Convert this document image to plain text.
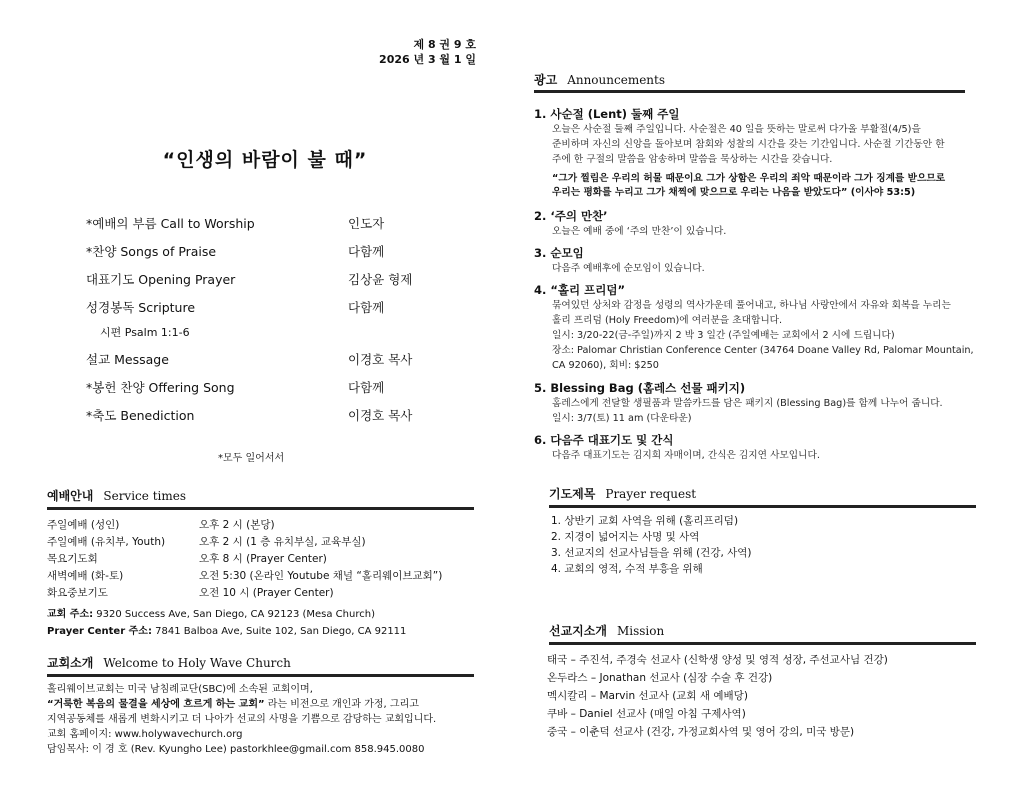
제 8 권 9 호
2026 년 3 월 1 일
“인생의 바람이 불 때”
*예배의 부름 Call to Worship	인도자
*찬양 Songs of Praise	다함께
대표기도 Opening Prayer	김상윤 형제
성경봉독 Scripture	다함께
시편 Psalm 1:1-6
설교 Message	이경호 목사
*봉헌 찬양 Offering Song	다함께
*축도 Benediction	이경호 목사
*모두 일어서서
예배안내 Service times
주일예배 (성인)	오후 2 시 (본당)
주일예배 (유치부, Youth)	오후 2 시 (1 층 유치부실, 교육부실)
목요기도회	오후 8 시 (Prayer Center)
새벽예배 (화-토)	오전 5:30 (온라인 Youtube 채널 “홀리웨이브교회”)
화요중보기도	오전 10 시 (Prayer Center)
교회 주소: 9320 Success Ave, San Diego, CA 92123 (Mesa Church)
Prayer Center 주소: 7841 Balboa Ave, Suite 102, San Diego, CA 92111
교회소개 Welcome to Holy Wave Church
홀리웨이브교회는 미국 남침례교단(SBC)에 소속된 교회이며,
“거룩한 복음의 물결을 세상에 흐르게 하는 교회” 라는 비전으로 개인과 가정, 그리고
지역공동체를 새롭게 변화시키고 더 나아가 선교의 사명을 기쁨으로 감당하는 교회입니다.
교회 홈페이지: www.holywavechurch.org
담임목사: 이 경 호 (Rev. Kyungho Lee) pastorkhlee@gmail.com 858.945.0080
광고 Announcements
1. 사순절 (Lent) 둘째 주일
오늘은 사순절 둘째 주일입니다. 사순절은 40 일을 뜻하는 말로써 다가올 부활절(4/5)을
준비하며 자신의 신앙을 돌아보며 참회와 성찰의 시간을 갖는 기간입니다. 사순절 기간동안 한
주에 한 구절의 말씀을 암송하며 말씀을 묵상하는 시간을 갖습니다.
“그가 찔림은 우리의 허물 때문이요 그가 상함은 우리의 죄악 때문이라 그가 징계를 받으므로
우리는 평화를 누리고 그가 채찍에 맞으므로 우리는 나음을 받았도다” (이사야 53:5)
2. ‘주의 만찬’
오늘은 예배 중에 ‘주의 만찬’이 있습니다.
3. 순모임
다음주 예배후에 순모임이 있습니다.
4. “홀리 프리덤”
묶여있던 상처와 감정을 성령의 역사가운데 풀어내고, 하나님 사랑안에서 자유와 회복을 누리는
홀리 프리덤 (Holy Freedom)에 여러분을 초대합니다.
일시: 3/20-22(금-주일)까지 2 박 3 일간 (주일예배는 교회에서 2 시에 드립니다)
장소: Palomar Christian Conference Center (34764 Doane Valley Rd, Palomar Mountain,
CA 92060), 회비: $250
5. Blessing Bag (홈레스 선물 패키지)
홈레스에게 전달할 생필품과 말씀카드를 담은 패키지 (Blessing Bag)를 함께 나누어 줍니다.
일시: 3/7(토) 11 am (다운타운)
6. 다음주 대표기도 및 간식
다음주 대표기도는 김지희 자매이며, 간식은 김지연 사모입니다.
기도제목 Prayer request
1. 상반기 교회 사역을 위해 (홀리프리덤)
2. 지경이 넓어지는 사명 및 사역
3. 선교지의 선교사님들을 위해 (건강, 사역)
4. 교회의 영적, 수적 부흥을 위해
선교지소개 Mission
태국 – 주진석, 주경숙 선교사 (신학생 양성 및 영적 성장, 주선교사님 건강)
온두라스 – Jonathan 선교사 (심장 수술 후 건강)
멕시칼리 – Marvin 선교사 (교회 새 예배당)
쿠바 – Daniel 선교사 (매일 아침 구제사역)
중국 – 이춘덕 선교사 (건강, 가정교회사역 및 영어 강의, 미국 방문)
